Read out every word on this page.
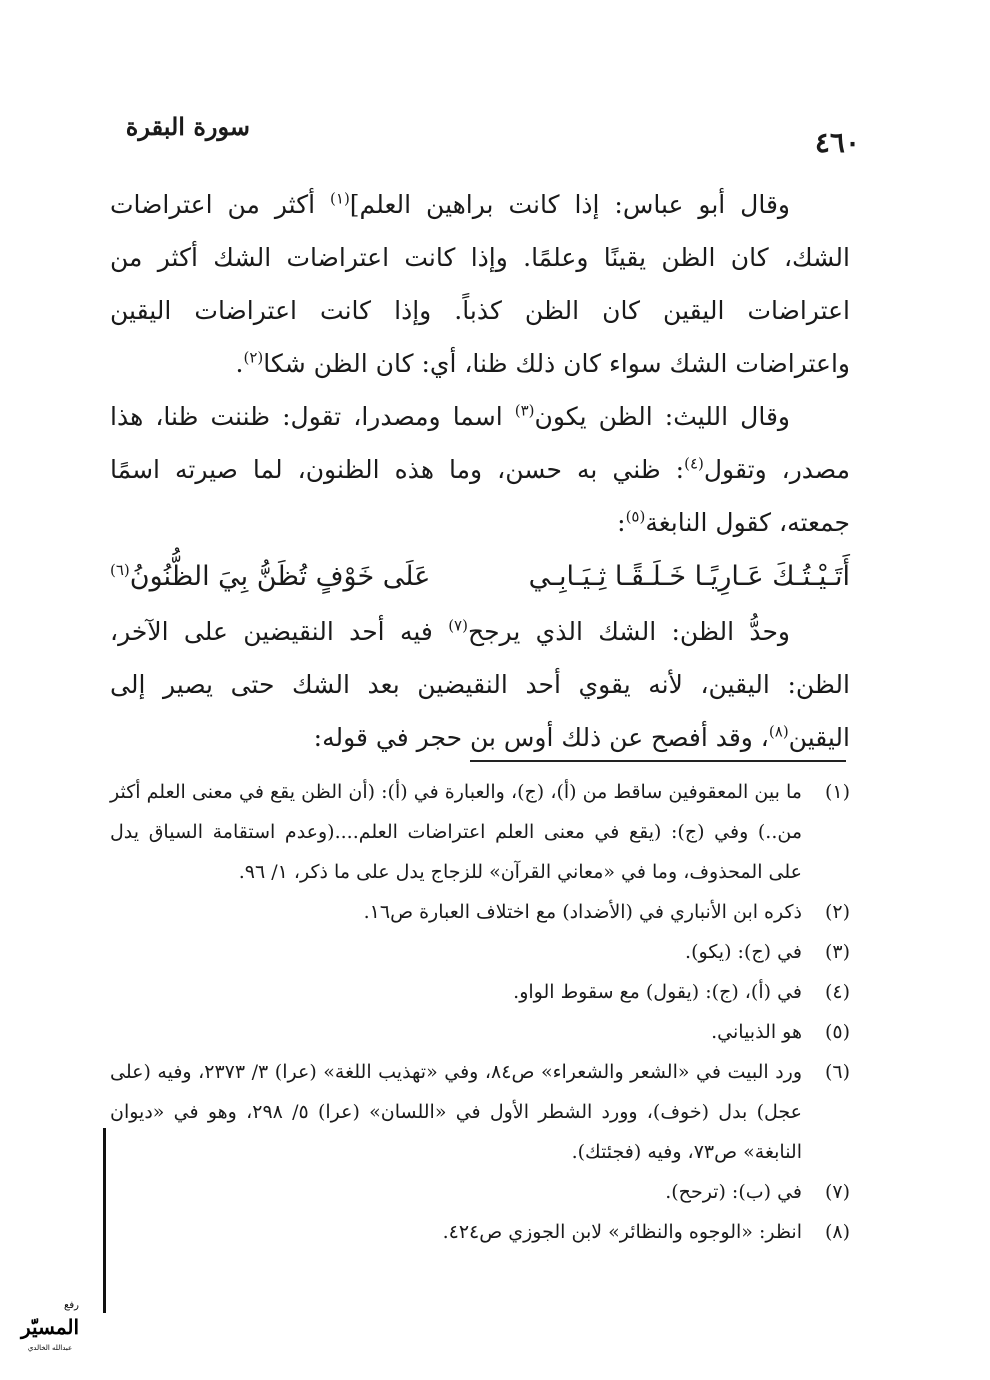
٤٦٠
سورة البقرة

وقال أبو عباس: إذا كانت براهين العلم]$^{(١)}$ أكثر من اعتراضات الشك، كان الظن يقينًا وعلمًا. وإذا كانت اعتراضات الشك أكثر من اعتراضات اليقين كان الظن كذباً. وإذا كانت اعتراضات اليقين واعتراضات الشك سواء كان ذلك ظنا، أي: كان الظن شكا$^{(٢)}$.

وقال الليث: الظن يكون$^{(٣)}$ اسما ومصدرا، تقول: ظننت ظنا، هذا مصدر، وتقول$^{(٤)}$: ظني به حسن، وما هذه الظنون، لما صيرته اسمًا جمعته، كقول النابغة$^{(٥)}$:

أَتَـيْـتُـكَ عَـارِيًـا خَـلَـقًـا ثِـيَـابِـي
عَلَى خَوْفٍ تُظَنُّ بِيَ الظُّنُونُ$^{(٦)}$

وحدُّ الظن: الشك الذي يرجح$^{(٧)}$ فيه أحد النقيضين على الآخر، الظن: اليقين، لأنه يقوي أحد النقيضين بعد الشك حتى يصير إلى اليقين$^{(٨)}$، وقد أفصح عن ذلك أوس بن حجر في قوله:

(١)
ما بين المعقوفين ساقط من (أ)، (ج)، والعبارة في (أ): (أن الظن يقع في معنى العلم أكثر من..) وفي (ج): (يقع في معنى العلم اعتراضات العلم....(وعدم استقامة السياق يدل على المحذوف، وما في «معاني القرآن» للزجاج يدل على ما ذكر، ١/ ٩٦.
(٢)
ذكره ابن الأنباري في (الأضداد) مع اختلاف العبارة ص١٦.
(٣)
في (ج): (يكو).
(٤)
في (أ)، (ج): (يقول) مع سقوط الواو.
(٥)
هو الذبياني.
(٦)
ورد البيت في «الشعر والشعراء» ص٨٤، وفي «تهذيب اللغة» (عرا) ٣/ ٢٣٧٣، وفيه (على عجل) بدل (خوف)، وورد الشطر الأول في «اللسان» (عرا) ٥/ ٢٩٨، وهو في «ديوان النابغة» ص٧٣، وفيه (فجئتك).
(٧)
في (ب): (ترحح).
(٨)
انظر: «الوجوه والنظائر» لابن الجوزي ص٤٢٤.
رفع
المسيّر
عبدالله الخالدي
